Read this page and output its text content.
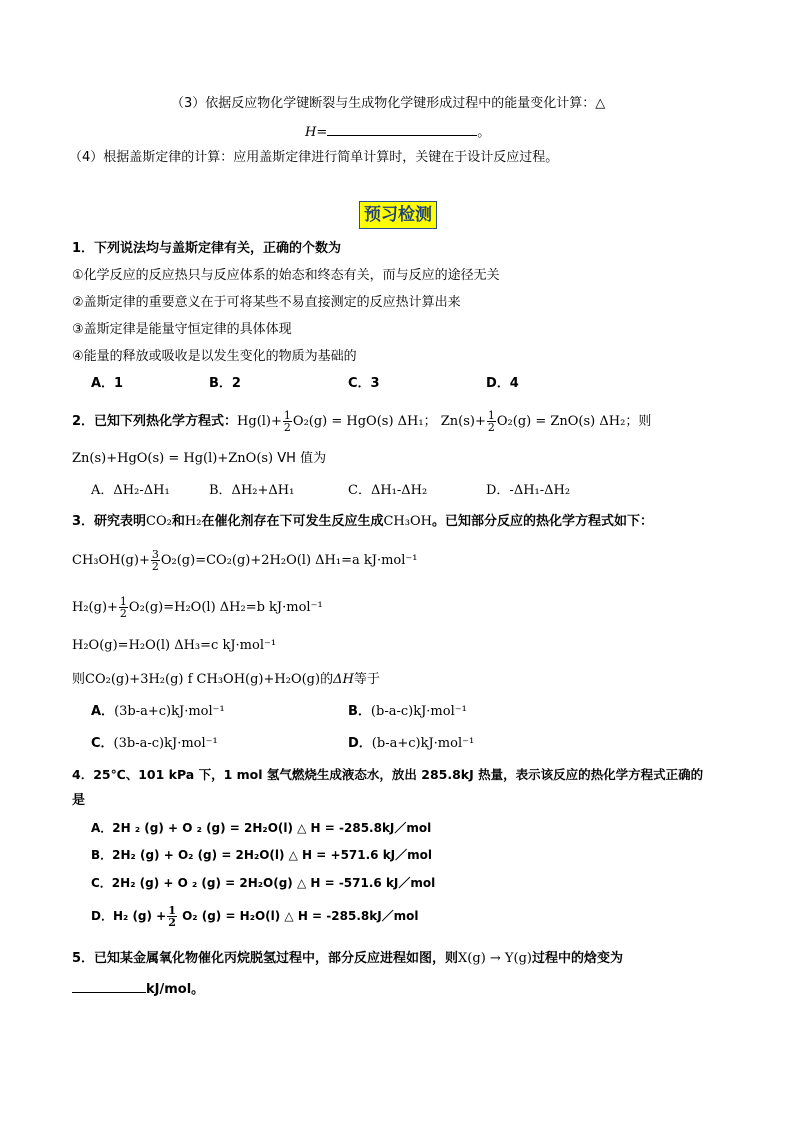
（3）依据反应物化学键断裂与生成物化学键形成过程中的能量变化计算：△
H=	。
（4）根据盖斯定律的计算：应用盖斯定律进行简单计算时，关键在于设计反应过程。
预习检测
1．下列说法均与盖斯定律有关，正确的个数为
①化学反应的反应热只与反应体系的始态和终态有关，而与反应的途径无关
②盖斯定律的重要意义在于可将某些不易直接测定的反应热计算出来
③盖斯定律是能量守恒定律的具体体现
④能量的释放或吸收是以发生变化的物质为基础的
A．1	B．2	C．3	D．4
2．已知下列热化学方程式：$Hg(l)+ \frac{1}{2} O_2(g) = HgO(s)$ ΔH₁； $Zn(s)+ \frac{1}{2} O_2(g) = ZnO(s)$ ΔH₂；则
Zn(s)+HgO(s) = Hg(l)+ZnO(s) VH 值为
A．ΔH₂-ΔH₁	B．ΔH₂+ΔH₁	C．ΔH₁-ΔH₂	D．-ΔH₁-ΔH₂
3．研究表明CO₂和H₂在催化剂存在下可发生反应生成CH₃OH。已知部分反应的热化学方程式如下：
$CH_3OH(g)+ \frac{3}{2} O_2(g)=CO_2(g)+2H_2O(l)$ ΔH₁=a kJ·mol⁻¹
$H_2(g)+ \frac{1}{2} O_2(g)=H_2O(l)$ ΔH₂=b kJ·mol⁻¹
H₂O(g)=H₂O(l) ΔH₃=c kJ·mol⁻¹
则CO₂(g)+3H₂(g) f CH₃OH(g)+H₂O(g)的ΔH等于
A．(3b-a+c)kJ·mol⁻¹	B．(b-a-c)kJ·mol⁻¹
C．(3b-a-c)kJ·mol⁻¹	D．(b-a+c)kJ·mol⁻¹
4．25℃、101 kPa 下，1 mol 氢气燃烧生成液态水，放出 285.8kJ 热量，表示该反应的热化学方程式正确的
是
A．2H ₂ (g) + O ₂ (g) = 2H₂O(l) △ H = -285.8kJ／mol
B．2H₂ (g) + O₂ (g) = 2H₂O(l) △ H = +571.6 kJ／mol
C．2H₂ (g) + O ₂ (g) = 2H₂O(g) △ H = -571.6 kJ／mol
D．H₂ $(g) + \frac{1}{2} O_2$ (g) = H₂O(l) △ H = -285.8kJ／mol
5．已知某金属氧化物催化丙烷脱氢过程中，部分反应进程如图，则X(g) → Y(g)过程中的焓变为
kJ/mol。
